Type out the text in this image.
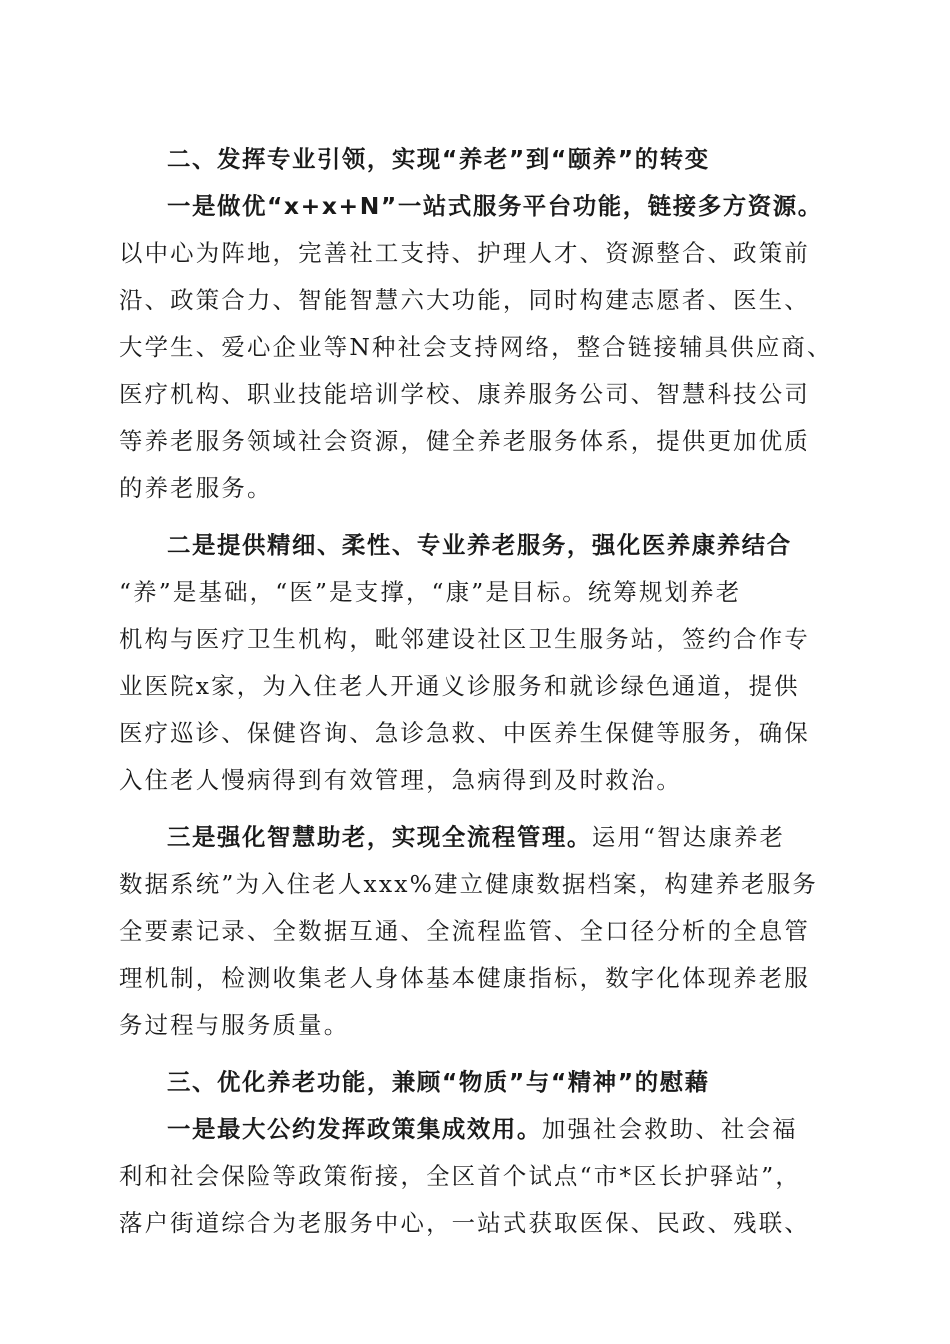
二、发挥专业引领，实现“养老”到“颐养”的转变
一是做优“x+x+N”一站式服务平台功能，链接多方资源。
以中心为阵地，完善社工支持、护理人才、资源整合、政策前
沿、政策合力、智能智慧六大功能，同时构建志愿者、医生、
大学生、爱心企业等N种社会支持网络，整合链接辅具供应商、
医疗机构、职业技能培训学校、康养服务公司、智慧科技公司
等养老服务领域社会资源，健全养老服务体系，提供更加优质
的养老服务。
二是提供精细、柔性、专业养老服务，强化医养康养结合
“养”是基础，“医”是支撑，“康”是目标。统筹规划养老
机构与医疗卫生机构，毗邻建设社区卫生服务站，签约合作专
业医院x家，为入住老人开通义诊服务和就诊绿色通道，提供
医疗巡诊、保健咨询、急诊急救、中医养生保健等服务，确保
入住老人慢病得到有效管理，急病得到及时救治。
三是强化智慧助老，实现全流程管理。运用“智达康养老
数据系统”为入住老人xxx%建立健康数据档案，构建养老服务
全要素记录、全数据互通、全流程监管、全口径分析的全息管
理机制，检测收集老人身体基本健康指标，数字化体现养老服
务过程与服务质量。
三、优化养老功能，兼顾“物质”与“精神”的慰藉
一是最大公约发挥政策集成效用。加强社会救助、社会福
利和社会保险等政策衔接，全区首个试点“市*区长护驿站”，
落户街道综合为老服务中心，一站式获取医保、民政、残联、
